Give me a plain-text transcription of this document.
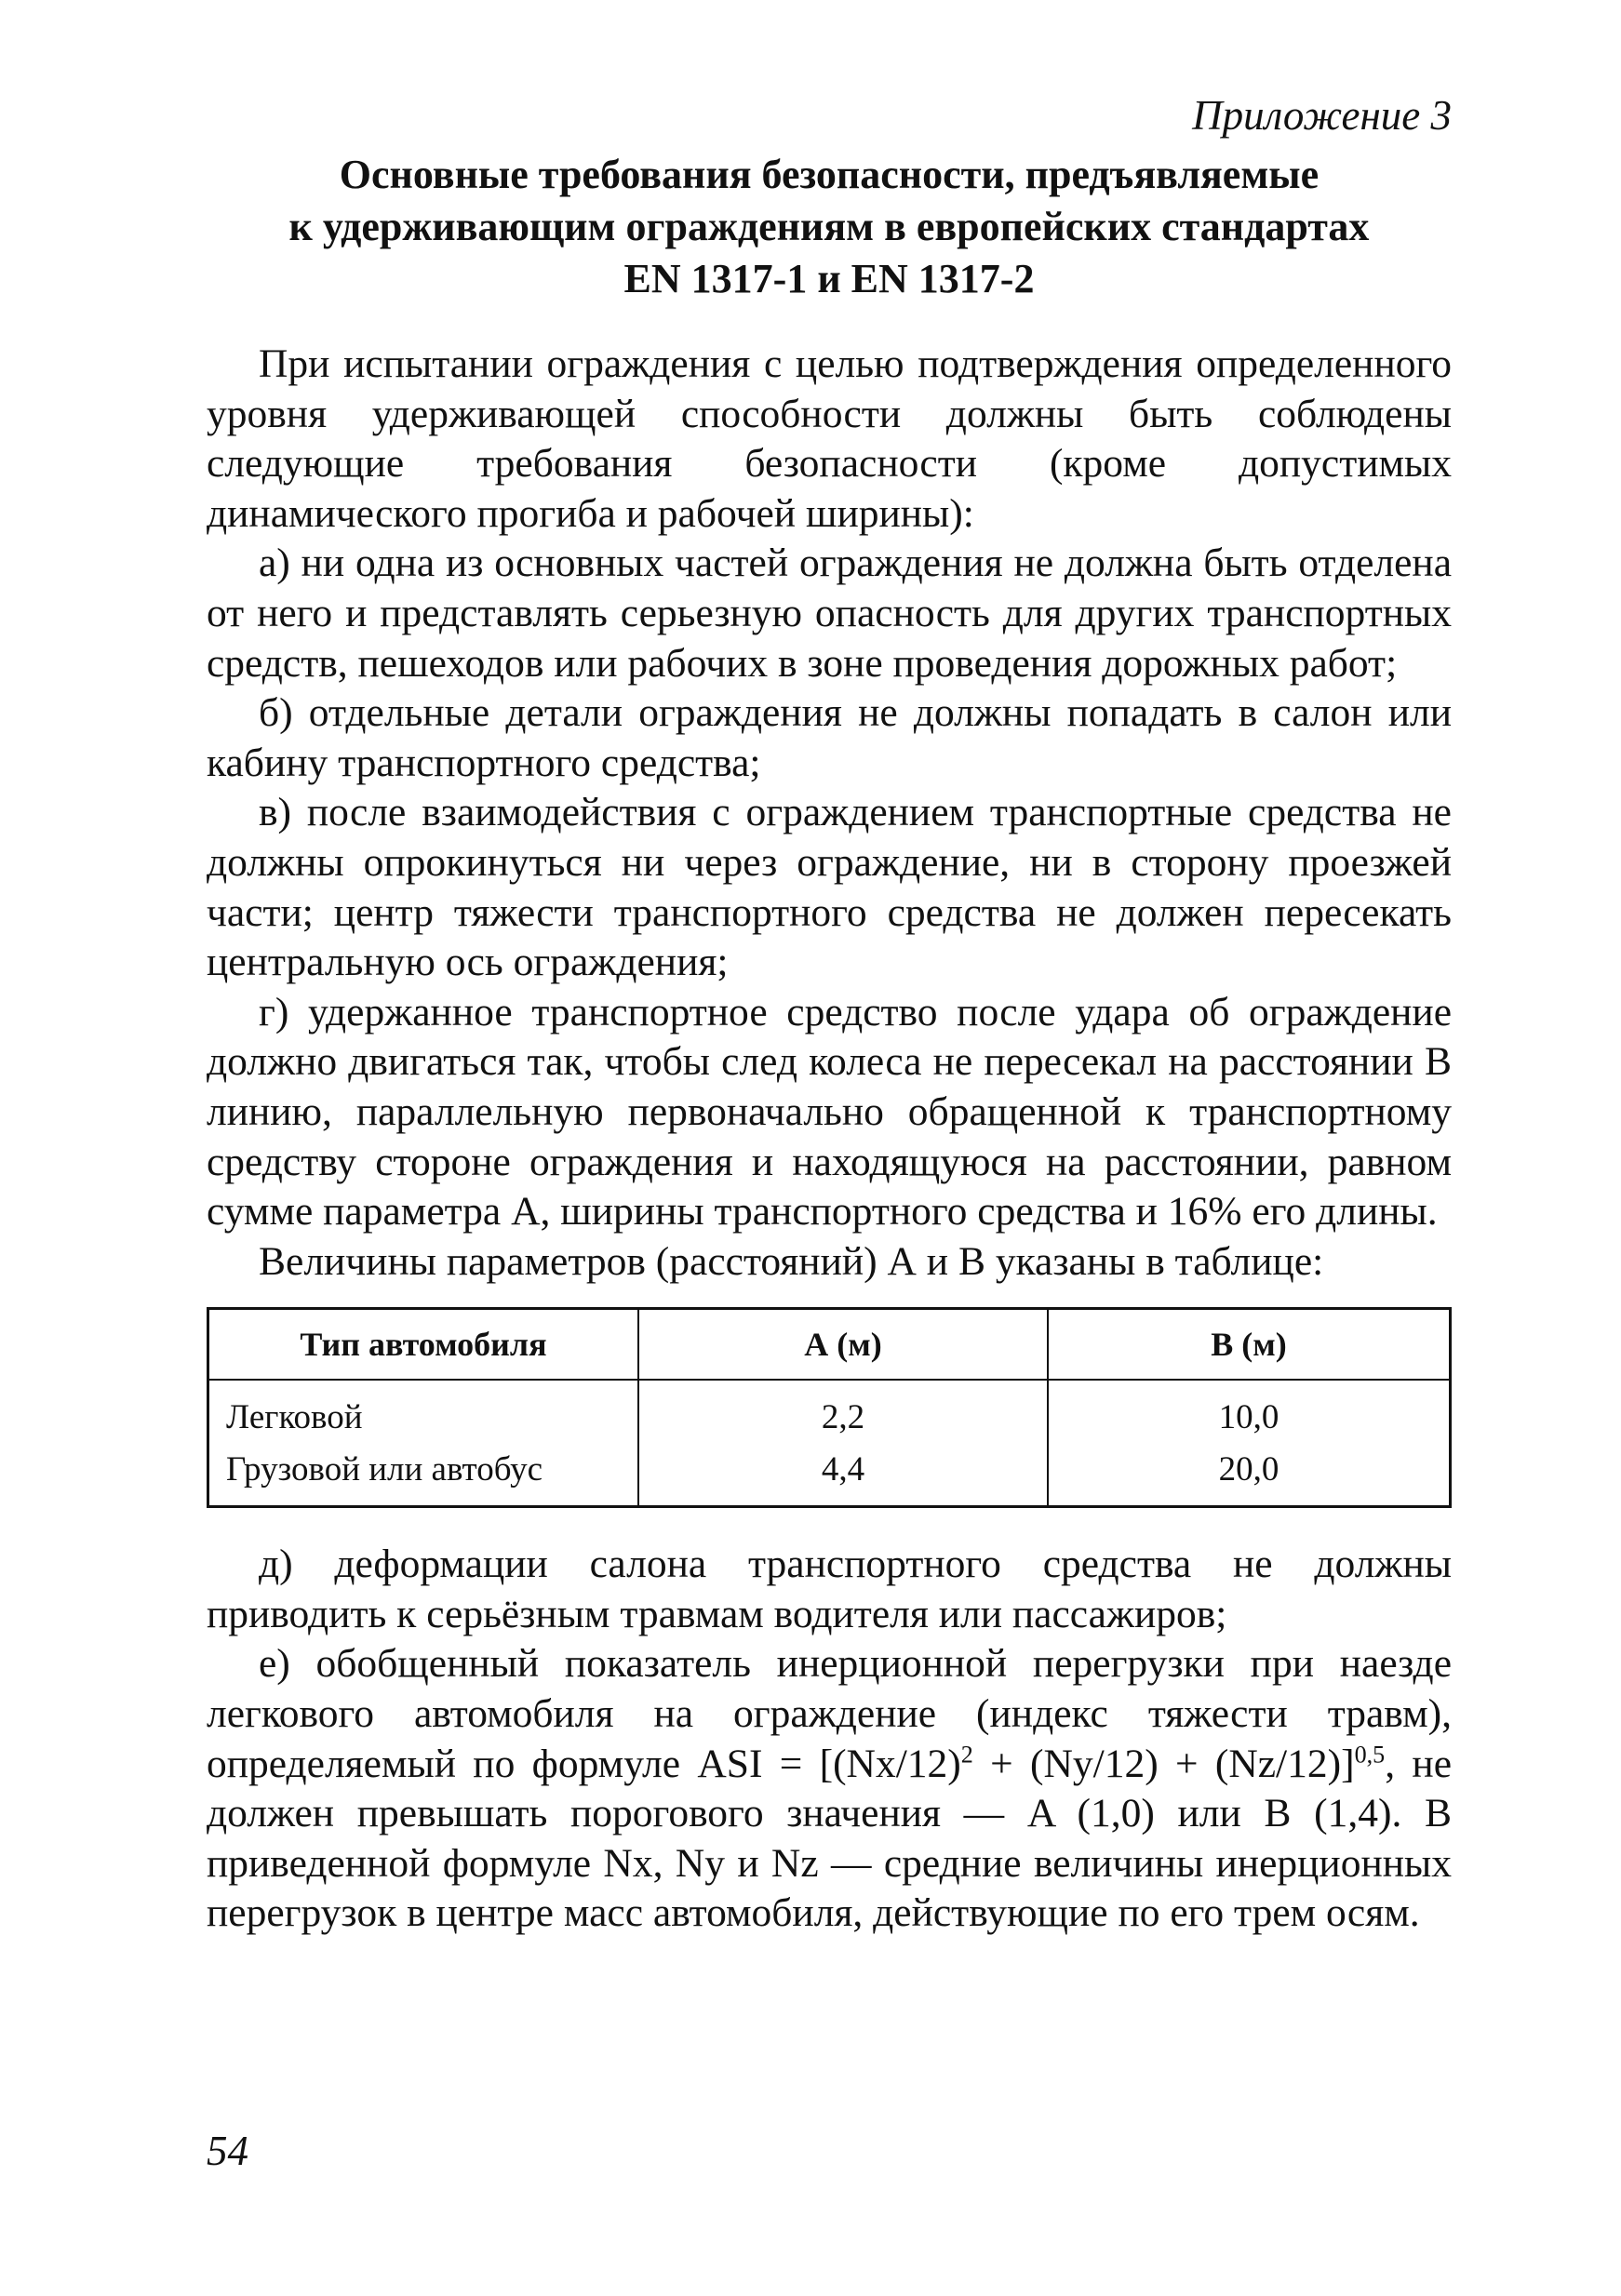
Приложение 3
Основные требования безопасности, предъявляемые
к удерживающим ограждениям в европейских стандартах
EN 1317-1 и EN 1317-2

При испытании ограждения с целью подтверждения определенного уровня удерживающей способности должны быть соблюдены следующие требования безопасности (кроме допустимых динамического прогиба и рабочей ширины):

а) ни одна из основных частей ограждения не должна быть отделена от него и представлять серьезную опасность для других транспортных средств, пешеходов или рабочих в зоне проведения дорожных работ;

б) отдельные детали ограждения не должны попадать в салон или кабину транспортного средства;

в) после взаимодействия с ограждением транспортные средства не должны опрокинуться ни через ограждение, ни в сторону проезжей части; центр тяжести транспортного средства не должен пересекать центральную ось ограждения;

г) удержанное транспортное средство после удара об ограждение должно двигаться так, чтобы след колеса не пересекал на расстоянии B линию, параллельную первоначально обращенной к транспортному средству стороне ограждения и находящуюся на расстоянии, равном сумме параметра А, ширины транспортного средства и 16% его длины.

Величины параметров (расстояний) А и В указаны в таблице:

Тип автомобиля	А (м)	В (м)
Легковой	2,2	10,0
Грузовой или автобус	4,4	20,0

д) деформации салона транспортного средства не должны приводить к серьёзным травмам водителя или пассажиров;

е) обобщенный показатель инерционной перегрузки при наезде легкового автомобиля на ограждение (индекс тяжести травм), определяемый по формуле ASI = $[(Nx/12)^2 + (Ny/12) + (Nz/12)]^{0,5}$, не должен превышать порогового значения — A (1,0) или B (1,4). В приведенной формуле Nx, Ny и Nz — средние величины инерционных перегрузок в центре масс автомобиля, действующие по его трем осям.

54
